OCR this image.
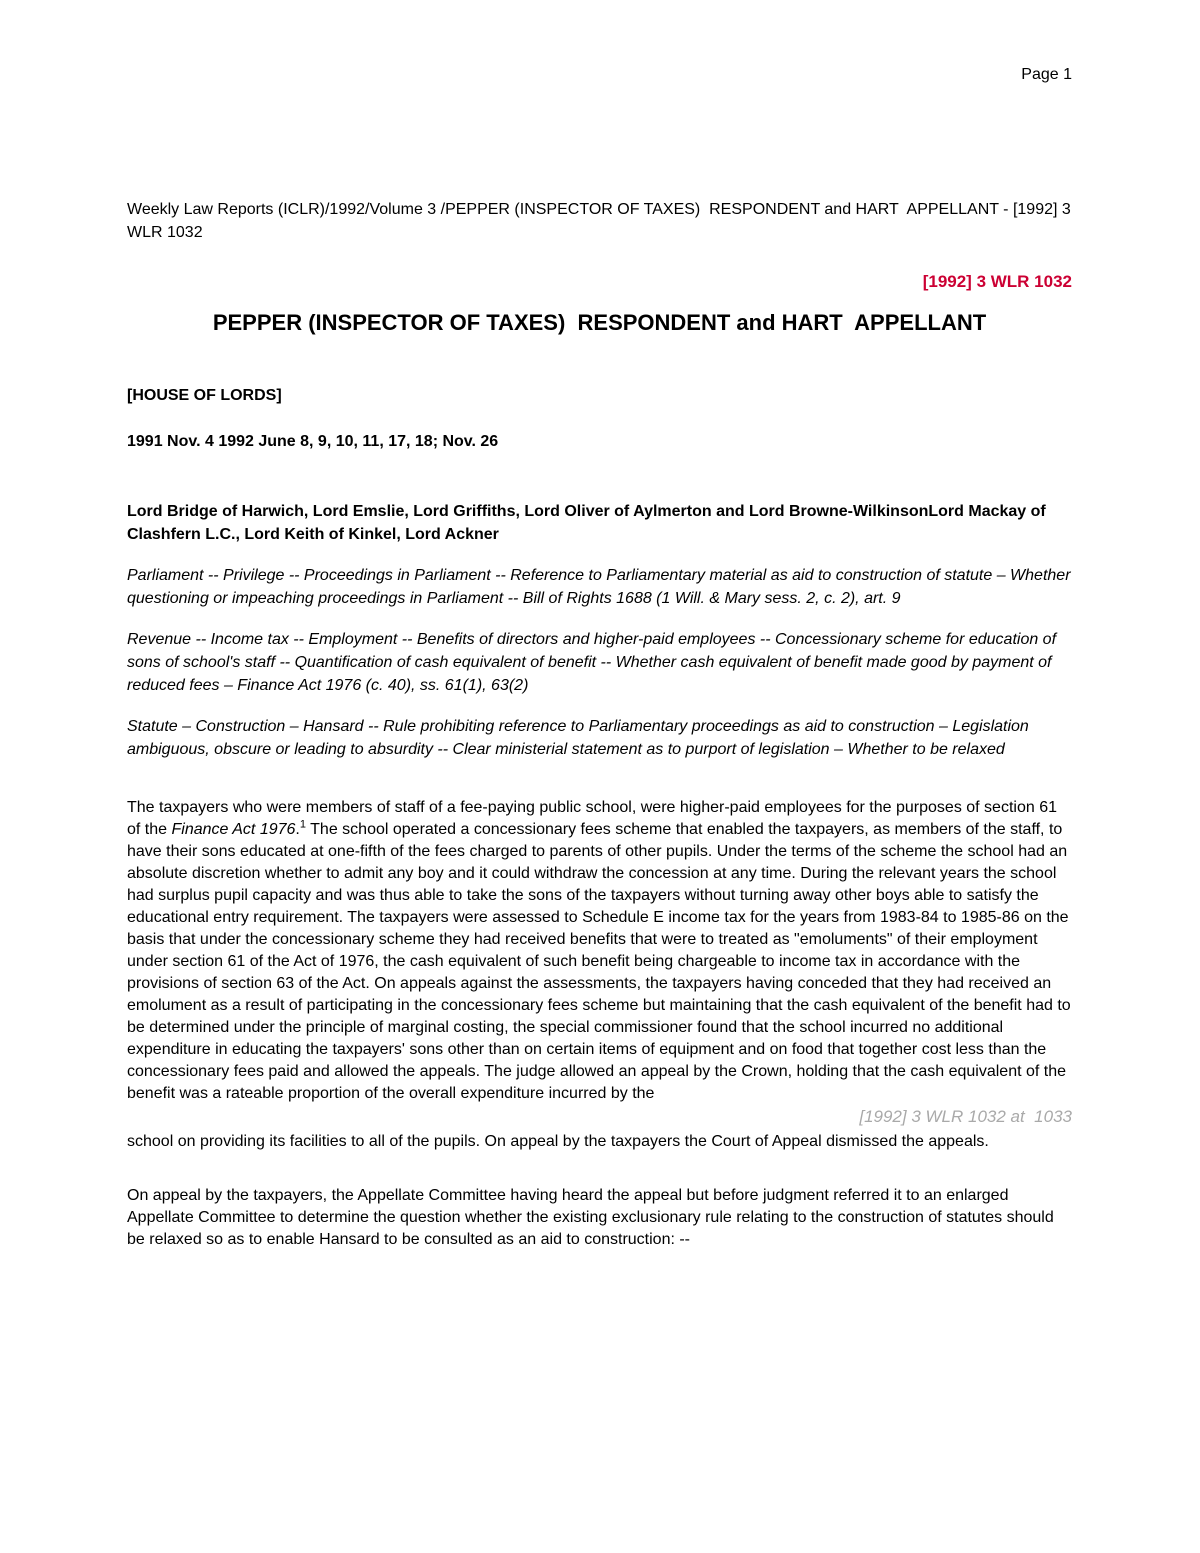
Page 1

Weekly Law Reports (ICLR)/1992/Volume 3 /PEPPER (INSPECTOR OF TAXES)  RESPONDENT and HART  APPELLANT - [1992] 3 WLR 1032

[1992] 3 WLR 1032

PEPPER (INSPECTOR OF TAXES)  RESPONDENT and HART  APPELLANT

[HOUSE OF LORDS]

1991 Nov. 4 1992 June 8, 9, 10, 11, 17, 18; Nov. 26

Lord Bridge of Harwich, Lord Emslie, Lord Griffiths, Lord Oliver of Aylmerton and Lord Browne-WilkinsonLord Mackay of Clashfern L.C., Lord Keith of Kinkel, Lord Ackner

Parliament -- Privilege -- Proceedings in Parliament -- Reference to Parliamentary material as aid to construction of statute – Whether questioning or impeaching proceedings in Parliament -- Bill of Rights 1688 (1 Will. & Mary sess. 2, c. 2), art. 9

Revenue -- Income tax -- Employment -- Benefits of directors and higher-paid employees -- Concessionary scheme for education of sons of school's staff -- Quantification of cash equivalent of benefit -- Whether cash equivalent of benefit made good by payment of reduced fees – Finance Act 1976 (c. 40), ss. 61(1), 63(2)

Statute – Construction – Hansard -- Rule prohibiting reference to Parliamentary proceedings as aid to construction – Legislation ambiguous, obscure or leading to absurdity -- Clear ministerial statement as to purport of legislation – Whether to be relaxed

The taxpayers who were members of staff of a fee-paying public school, were higher-paid employees for the purposes of section 61 of the Finance Act 1976.$^1$ The school operated a concessionary fees scheme that enabled the taxpayers, as members of the staff, to have their sons educated at one-fifth of the fees charged to parents of other pupils. Under the terms of the scheme the school had an absolute discretion whether to admit any boy and it could withdraw the concession at any time. During the relevant years the school had surplus pupil capacity and was thus able to take the sons of the taxpayers without turning away other boys able to satisfy the educational entry requirement. The taxpayers were assessed to Schedule E income tax for the years from 1983-84 to 1985-86 on the basis that under the concessionary scheme they had received benefits that were to treated as "emoluments" of their employment under section 61 of the Act of 1976, the cash equivalent of such benefit being chargeable to income tax in accordance with the provisions of section 63 of the Act. On appeals against the assessments, the taxpayers having conceded that they had received an emolument as a result of participating in the concessionary fees scheme but maintaining that the cash equivalent of the benefit had to be determined under the principle of marginal costing, the special commissioner found that the school incurred no additional expenditure in educating the taxpayers' sons other than on certain items of equipment and on food that together cost less than the concessionary fees paid and allowed the appeals. The judge allowed an appeal by the Crown, holding that the cash equivalent of the benefit was a rateable proportion of the overall expenditure incurred by the

[1992] 3 WLR 1032 at  1033

school on providing its facilities to all of the pupils. On appeal by the taxpayers the Court of Appeal dismissed the appeals.

On appeal by the taxpayers, the Appellate Committee having heard the appeal but before judgment referred it to an enlarged Appellate Committee to determine the question whether the existing exclusionary rule relating to the construction of statutes should be relaxed so as to enable Hansard to be consulted as an aid to construction: --
